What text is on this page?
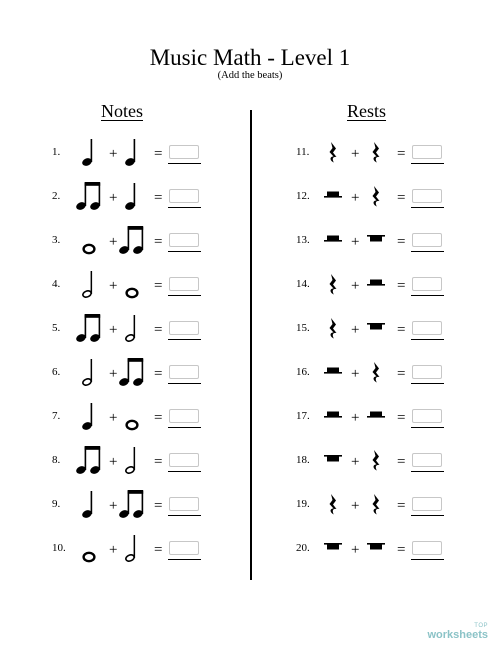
Music Math - Level 1
(Add the beats)
Notes	Rests
1.	+ =
2.	+ =
3.	+ =
4.	+ =
5.	+ =
6.	+ =
7.	+ =
8.	+ =
9.	+ =
10.	+ =
11.	+	=
12.	+	=
13.	+	=
14.	+	=
15.	+	=
16.	+	=
17.	+	=
18.	+	=
19.	+	=
20.	+	=
TOP
worksheets
